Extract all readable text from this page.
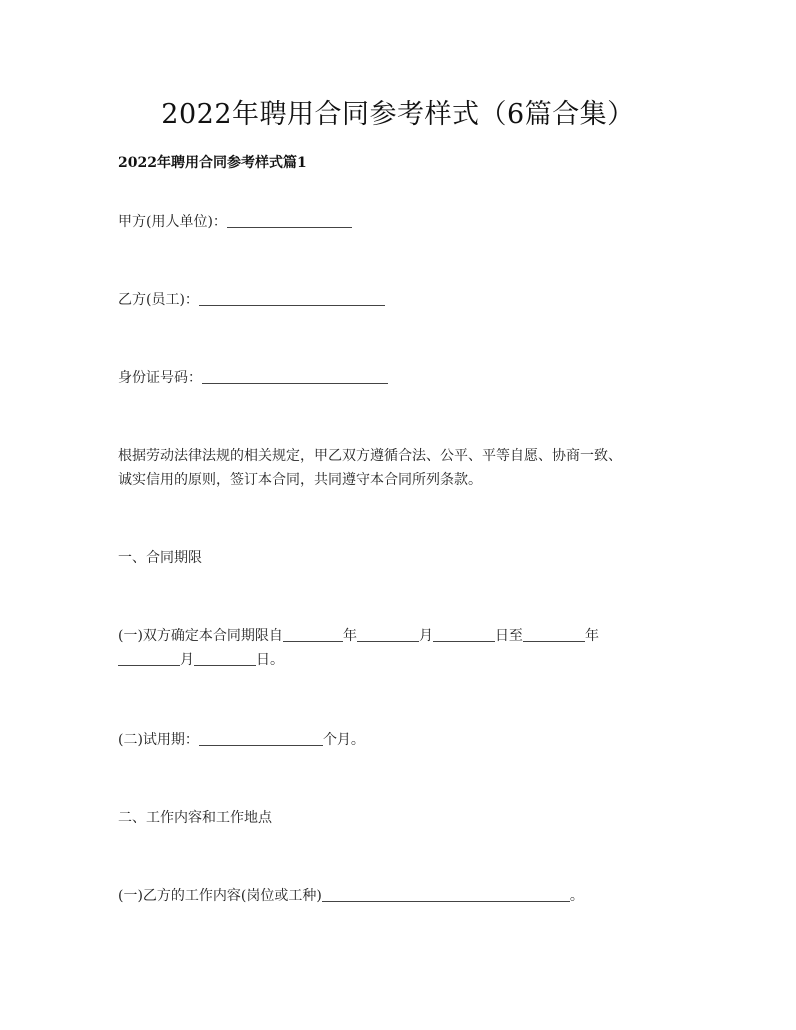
2022年聘用合同参考样式（6篇合集）
2022年聘用合同参考样式篇1
甲方(用人单位)：
乙方(员工)：
身份证号码：
根据劳动法律法规的相关规定，甲乙双方遵循合法、公平、平等自愿、协商一致、
诚实信用的原则，签订本合同，共同遵守本合同所列条款。
一、合同期限
(一)双方确定本合同期限自	年	月	日至	年
月	日。
(二)试用期：	个月。
二、工作内容和工作地点
(一)乙方的工作内容(岗位或工种)	。
